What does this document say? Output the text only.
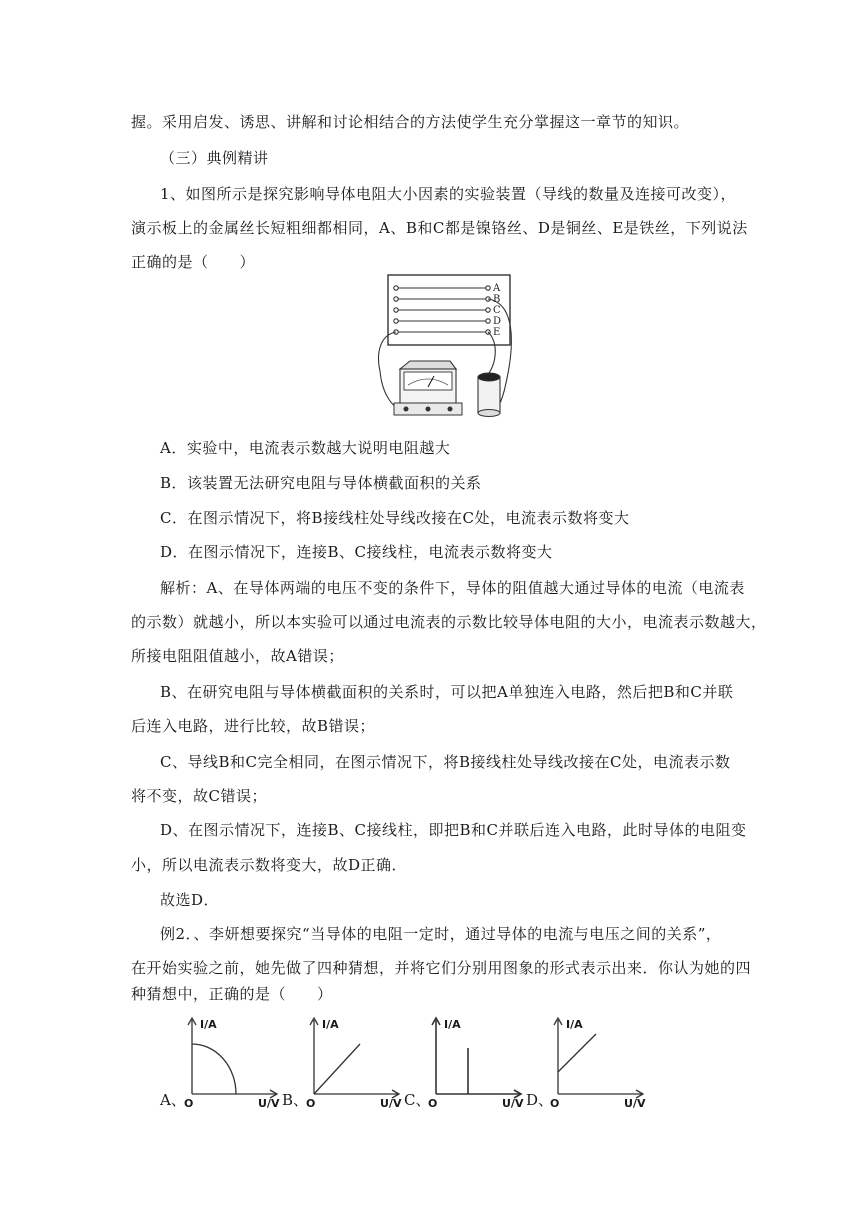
握。采用启发、诱思、讲解和讨论相结合的方法使学生充分掌握这一章节的知识。
（三）典例精讲
1、如图所示是探究影响导体电阻大小因素的实验装置（导线的数量及连接可改变），
演示板上的金属丝长短粗细都相同，A、B和C都是镍铬丝、D是铜丝、E是铁丝，下列说法
正确的是（　　）
A
B
C
D
E
A．实验中，电流表示数越大说明电阻越大
B．该装置无法研究电阻与导体横截面积的关系
C．在图示情况下，将B接线柱处导线改接在C处，电流表示数将变大
D．在图示情况下，连接B、C接线柱，电流表示数将变大
解析：A、在导体两端的电压不变的条件下，导体的阻值越大通过导体的电流（电流表
的示数）就越小，所以本实验可以通过电流表的示数比较导体电阻的大小，电流表示数越大，
所接电阻阻值越小，故A错误；
B、在研究电阻与导体横截面积的关系时，可以把A单独连入电路，然后把B和C并联
后连入电路，进行比较，故B错误；
C、导线B和C完全相同，在图示情况下，将B接线柱处导线改接在C处，电流表示数
将不变，故C错误；
D、在图示情况下，连接B、C接线柱，即把B和C并联后连入电路，此时导体的电阻变
小，所以电流表示数将变大，故D正确．
故选D．
例2．、李妍想要探究“当导体的电阻一定时，通过导体的电流与电压之间的关系”，
在开始实验之前，她先做了四种猜想，并将它们分别用图象的形式表示出来．你认为她的四
种猜想中，正确的是（　　）
A、	B、	C、	D、
I/A
O	U/V
I/A
O	U/V
I/A
O	U/V
I/A
O	U/V
